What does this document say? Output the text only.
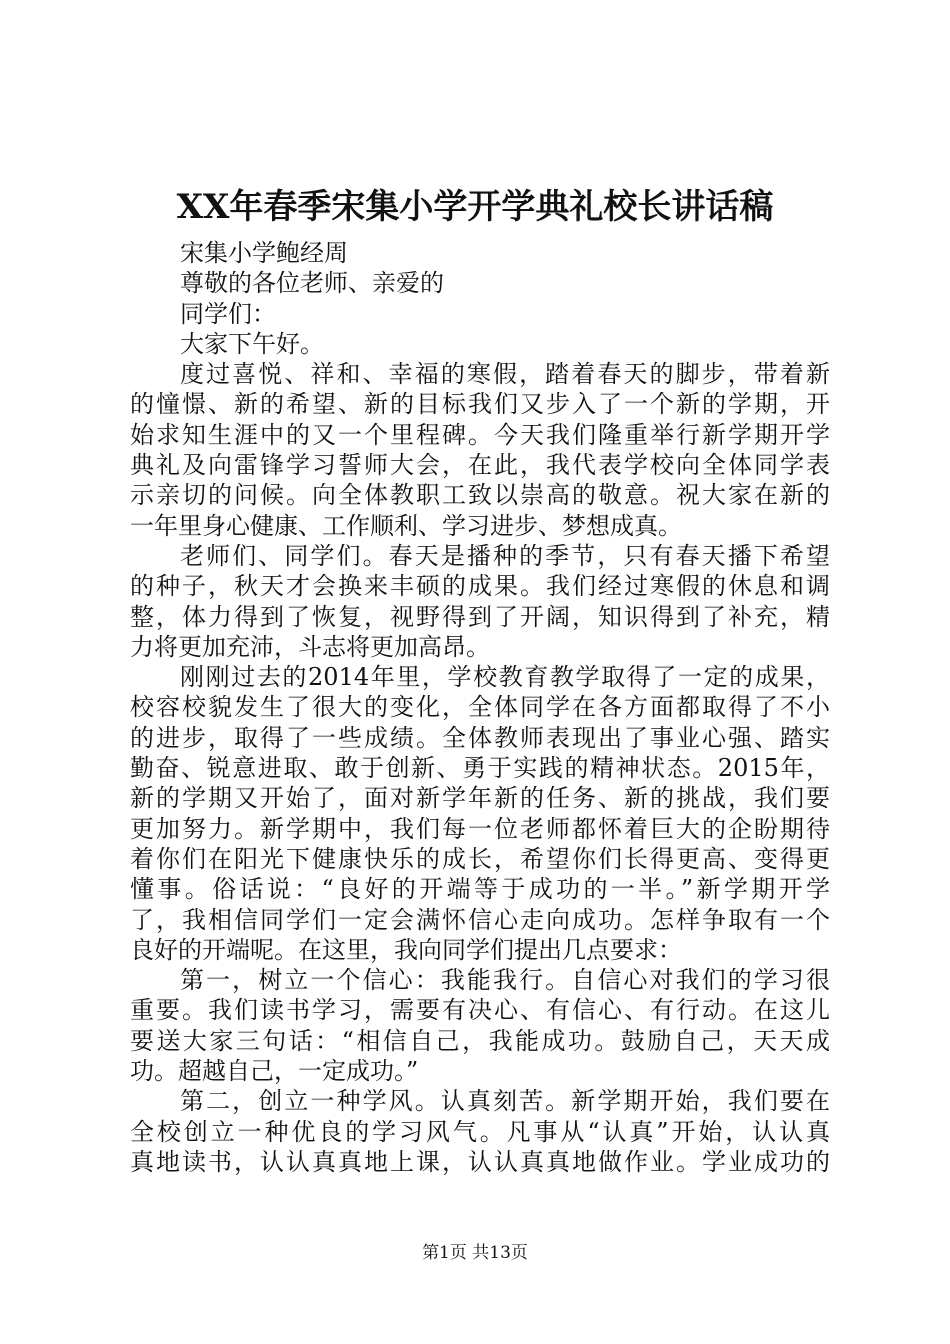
XX年春季宋集小学开学典礼校长讲话稿
宋集小学鲍经周
尊敬的各位老师、亲爱的
同学们：
大家下午好。
度过喜悦、祥和、幸福的寒假，踏着春天的脚步，带着新
的憧憬、新的希望、新的目标我们又步入了一个新的学期，开
始求知生涯中的又一个里程碑。今天我们隆重举行新学期开学
典礼及向雷锋学习誓师大会，在此，我代表学校向全体同学表
示亲切的问候。向全体教职工致以崇高的敬意。祝大家在新的
一年里身心健康、工作顺利、学习进步、梦想成真。
老师们、同学们。春天是播种的季节，只有春天播下希望
的种子，秋天才会换来丰硕的成果。我们经过寒假的休息和调
整，体力得到了恢复，视野得到了开阔，知识得到了补充，精
力将更加充沛，斗志将更加高昂。
刚刚过去的2014年里，学校教育教学取得了一定的成果，
校容校貌发生了很大的变化，全体同学在各方面都取得了不小
的进步，取得了一些成绩。全体教师表现出了事业心强、踏实
勤奋、锐意进取、敢于创新、勇于实践的精神状态。2015年，
新的学期又开始了，面对新学年新的任务、新的挑战，我们要
更加努力。新学期中，我们每一位老师都怀着巨大的企盼期待
着你们在阳光下健康快乐的成长，希望你们长得更高、变得更
懂事。俗话说：“良好的开端等于成功的一半。”新学期开学
了，我相信同学们一定会满怀信心走向成功。怎样争取有一个
良好的开端呢。在这里，我向同学们提出几点要求：
第一，树立一个信心：我能我行。自信心对我们的学习很
重要。我们读书学习，需要有决心、有信心、有行动。在这儿
要送大家三句话：“相信自己，我能成功。鼓励自己，天天成
功。超越自己，一定成功。”
第二，创立一种学风。认真刻苦。新学期开始，我们要在
全校创立一种优良的学习风气。凡事从“认真”开始，认认真
真地读书，认认真真地上课，认认真真地做作业。学业成功的
第1页 共13页
